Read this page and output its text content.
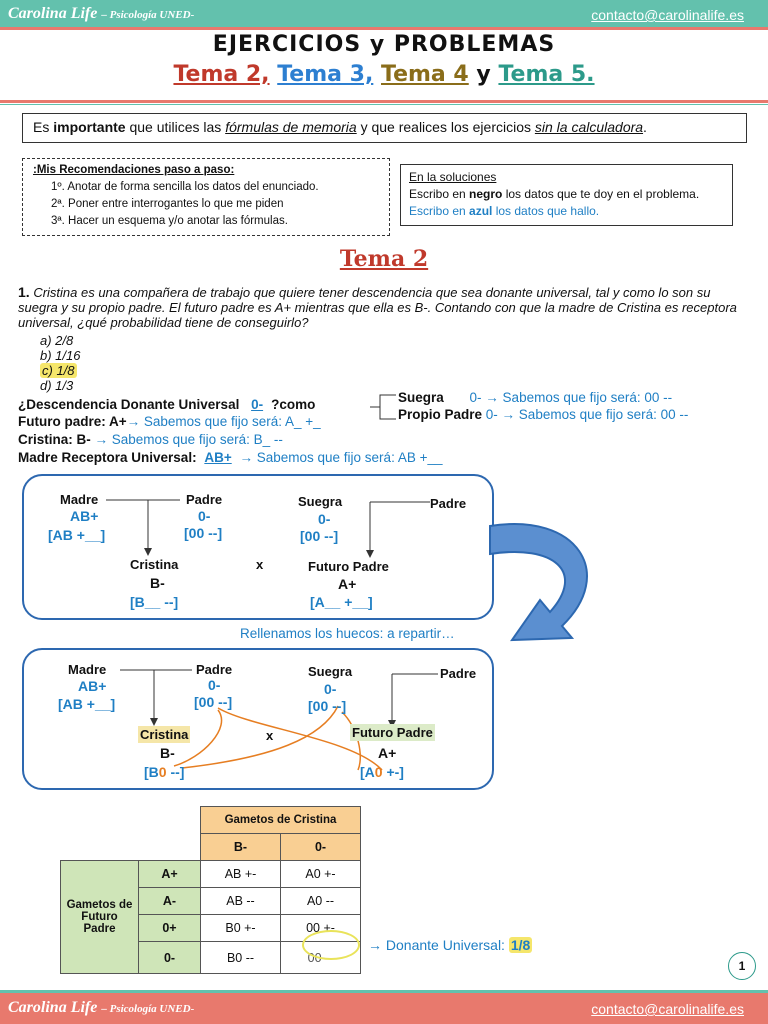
Carolina Life – Psicología UNED-	contacto@carolinalife.es
EJERCICIOS y PROBLEMAS
Tema 2, Tema 3, Tema 4 y Tema 5.
Es importante que utilices las fórmulas de memoria y que realices los ejercicios sin la calculadora.
:Mis Recomendaciones paso a paso:
1º. Anotar de forma sencilla los datos del enunciado.
2ª. Poner entre interrogantes lo que me piden
3ª. Hacer un esquema y/o anotar las fórmulas.
En la soluciones
Escribo en negro los datos que te doy en el problema.
Escribo en azul los datos que hallo.
Tema 2
1. Cristina es una compañera de trabajo que quiere tener descendencia que sea donante universal, tal y como lo son su suegra y su propio padre. El futuro padre es A+ mientras que ella es B-. Contando con que la madre de Cristina es receptora universal, ¿qué probabilidad tiene de conseguirlo?
a) 2/8
b) 1/16
c) 1/8
d) 1/3
¿Descendencia Donante Universal 0- ?como	Suegra 0- → Sabemos que fijo será: 00 --
Propio Padre 0- → Sabemos que fijo será: 00 --
Futuro padre: A+→ Sabemos que fijo será: A_ +_
Cristina: B- → Sabemos que fijo será: B_ --
Madre Receptora Universal: AB+ → Sabemos que fijo será: AB +__
Madre
AB+
[AB +__]
Padre
0-
[00 --]
Suegra
0-
[00 --]
Padre
Cristina
B-
[B__ --]
x	Futuro Padre
A+
[A__ +__]
Rellenamos los huecos: a repartir…
Madre
AB+
[AB +__]
Padre
0-
[00 --]
Suegra
0-
[00 --]
Padre
Cristina
B-
[B0 --]
x	Futuro Padre
A+
[A0 +-]
		Gametos de Cristina	
		B-	0-
Gametos de Futuro Padre	A+	AB +-	A0 +-
	A-	AB --	A0 --
	0+	B0 +-	00 +-
	0-	B0 --	00 --
→ Donante Universal: 1/8
1
Carolina Life – Psicología UNED-	contacto@carolinalife.es
